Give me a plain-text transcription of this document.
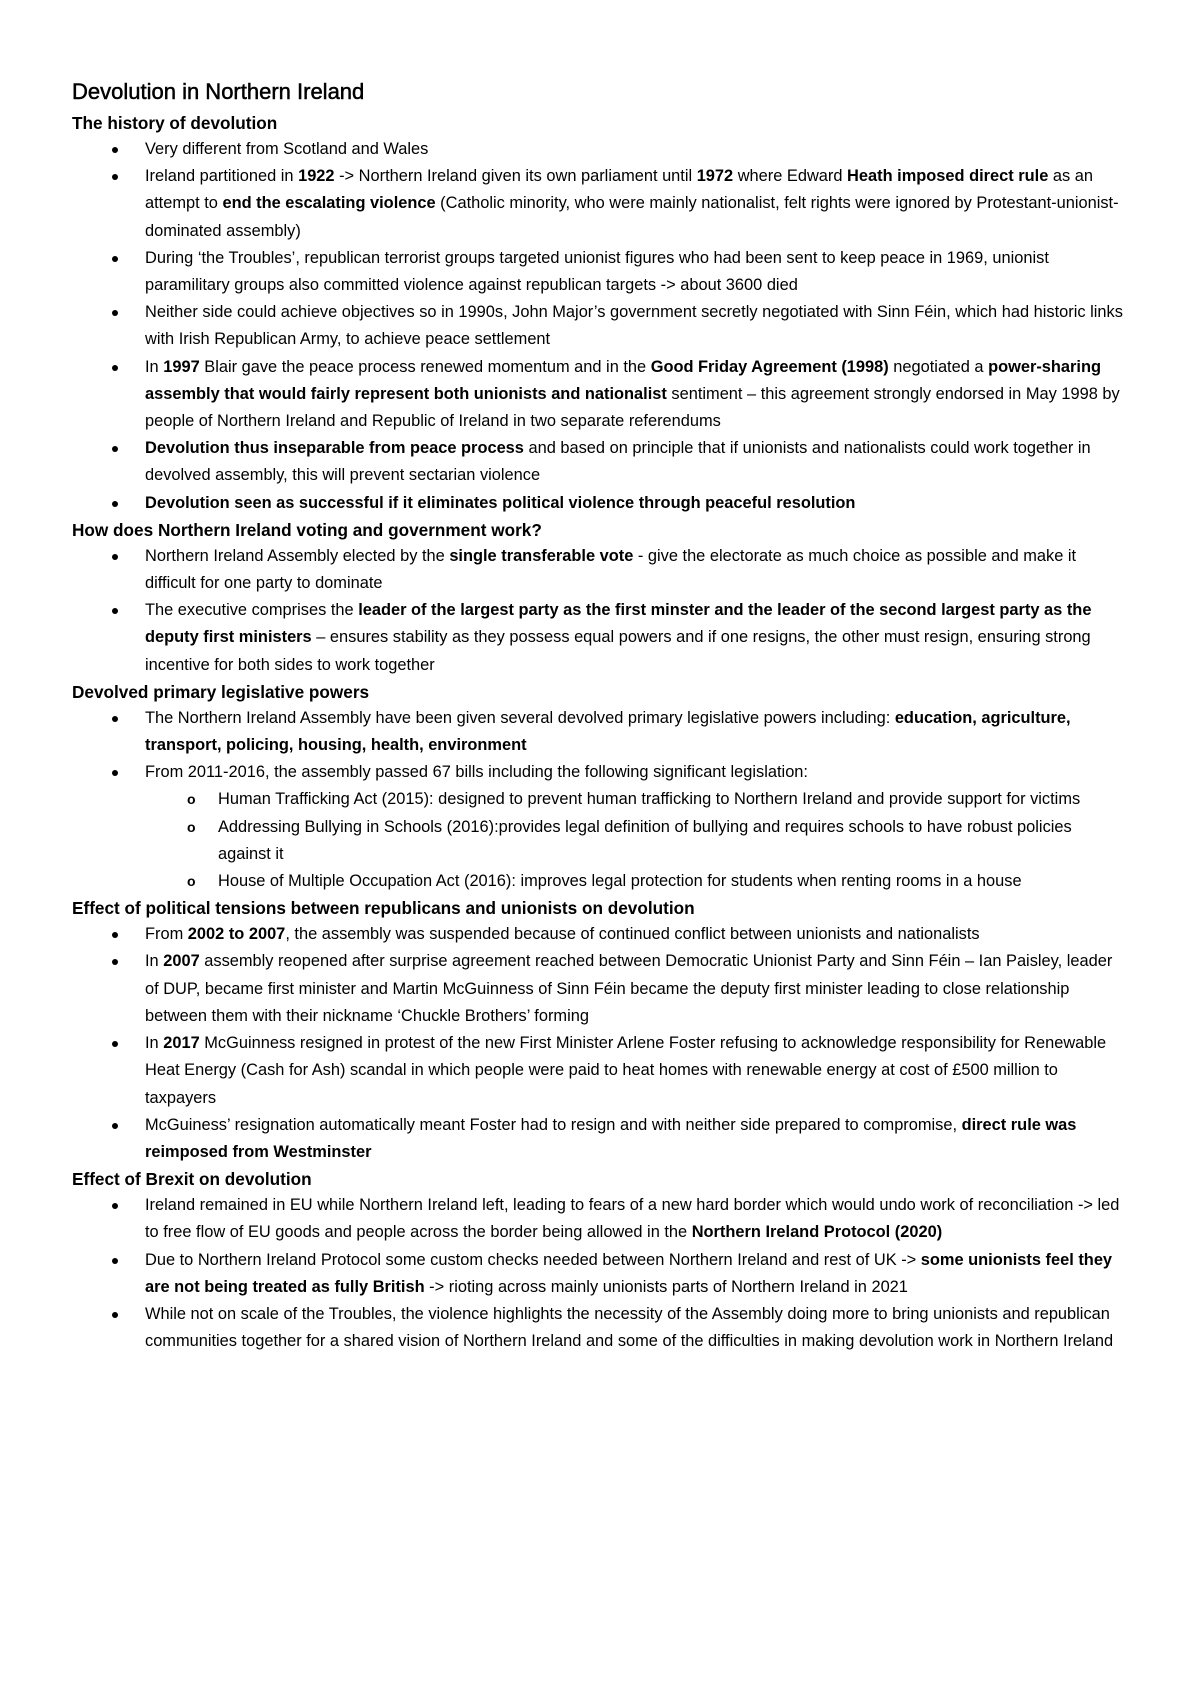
Devolution in Northern Ireland
The history of devolution
Very different from Scotland and Wales
Ireland partitioned in 1922 -> Northern Ireland given its own parliament until 1972 where Edward Heath imposed direct rule as an attempt to end the escalating violence (Catholic minority, who were mainly nationalist, felt rights were ignored by Protestant-unionist-dominated assembly)
During ‘the Troubles’, republican terrorist groups targeted unionist figures who had been sent to keep peace in 1969, unionist paramilitary groups also committed violence against republican targets -> about 3600 died
Neither side could achieve objectives so in 1990s, John Major’s government secretly negotiated with Sinn Féin, which had historic links with Irish Republican Army, to achieve peace settlement
In 1997 Blair gave the peace process renewed momentum and in the Good Friday Agreement (1998) negotiated a power-sharing assembly that would fairly represent both unionists and nationalist sentiment – this agreement strongly endorsed in May 1998 by people of Northern Ireland and Republic of Ireland in two separate referendums
Devolution thus inseparable from peace process and based on principle that if unionists and nationalists could work together in devolved assembly, this will prevent sectarian violence
Devolution seen as successful if it eliminates political violence through peaceful resolution
How does Northern Ireland voting and government work?
Northern Ireland Assembly elected by the single transferable vote - give the electorate as much choice as possible and make it difficult for one party to dominate
The executive comprises the leader of the largest party as the first minster and the leader of the second largest party as the deputy first ministers – ensures stability as they possess equal powers and if one resigns, the other must resign, ensuring strong incentive for both sides to work together
Devolved primary legislative powers
The Northern Ireland Assembly have been given several devolved primary legislative powers including: education, agriculture, transport, policing, housing, health, environment
From 2011-2016, the assembly passed 67 bills including the following significant legislation:
o Human Trafficking Act (2015): designed to prevent human trafficking to Northern Ireland and provide support for victims
o Addressing Bullying in Schools (2016):provides legal definition of bullying and requires schools to have robust policies against it
o House of Multiple Occupation Act (2016): improves legal protection for students when renting rooms in a house
Effect of political tensions between republicans and unionists on devolution
From 2002 to 2007, the assembly was suspended because of continued conflict between unionists and nationalists
In 2007 assembly reopened after surprise agreement reached between Democratic Unionist Party and Sinn Féin – Ian Paisley, leader of DUP, became first minister and Martin McGuinness of Sinn Féin became the deputy first minister leading to close relationship between them with their nickname ‘Chuckle Brothers’ forming
In 2017 McGuinness resigned in protest of the new First Minister Arlene Foster refusing to acknowledge responsibility for Renewable Heat Energy (Cash for Ash) scandal in which people were paid to heat homes with renewable energy at cost of £500 million to taxpayers
McGuiness’ resignation automatically meant Foster had to resign and with neither side prepared to compromise, direct rule was reimposed from Westminster
Effect of Brexit on devolution
Ireland remained in EU while Northern Ireland left, leading to fears of a new hard border which would undo work of reconciliation -> led to free flow of EU goods and people across the border being allowed in the Northern Ireland Protocol (2020)
Due to Northern Ireland Protocol some custom checks needed between Northern Ireland and rest of UK -> some unionists feel they are not being treated as fully British -> rioting across mainly unionists parts of Northern Ireland in 2021
While not on scale of the Troubles, the violence highlights the necessity of the Assembly doing more to bring unionists and republican communities together for a shared vision of Northern Ireland and some of the difficulties in making devolution work in Northern Ireland
